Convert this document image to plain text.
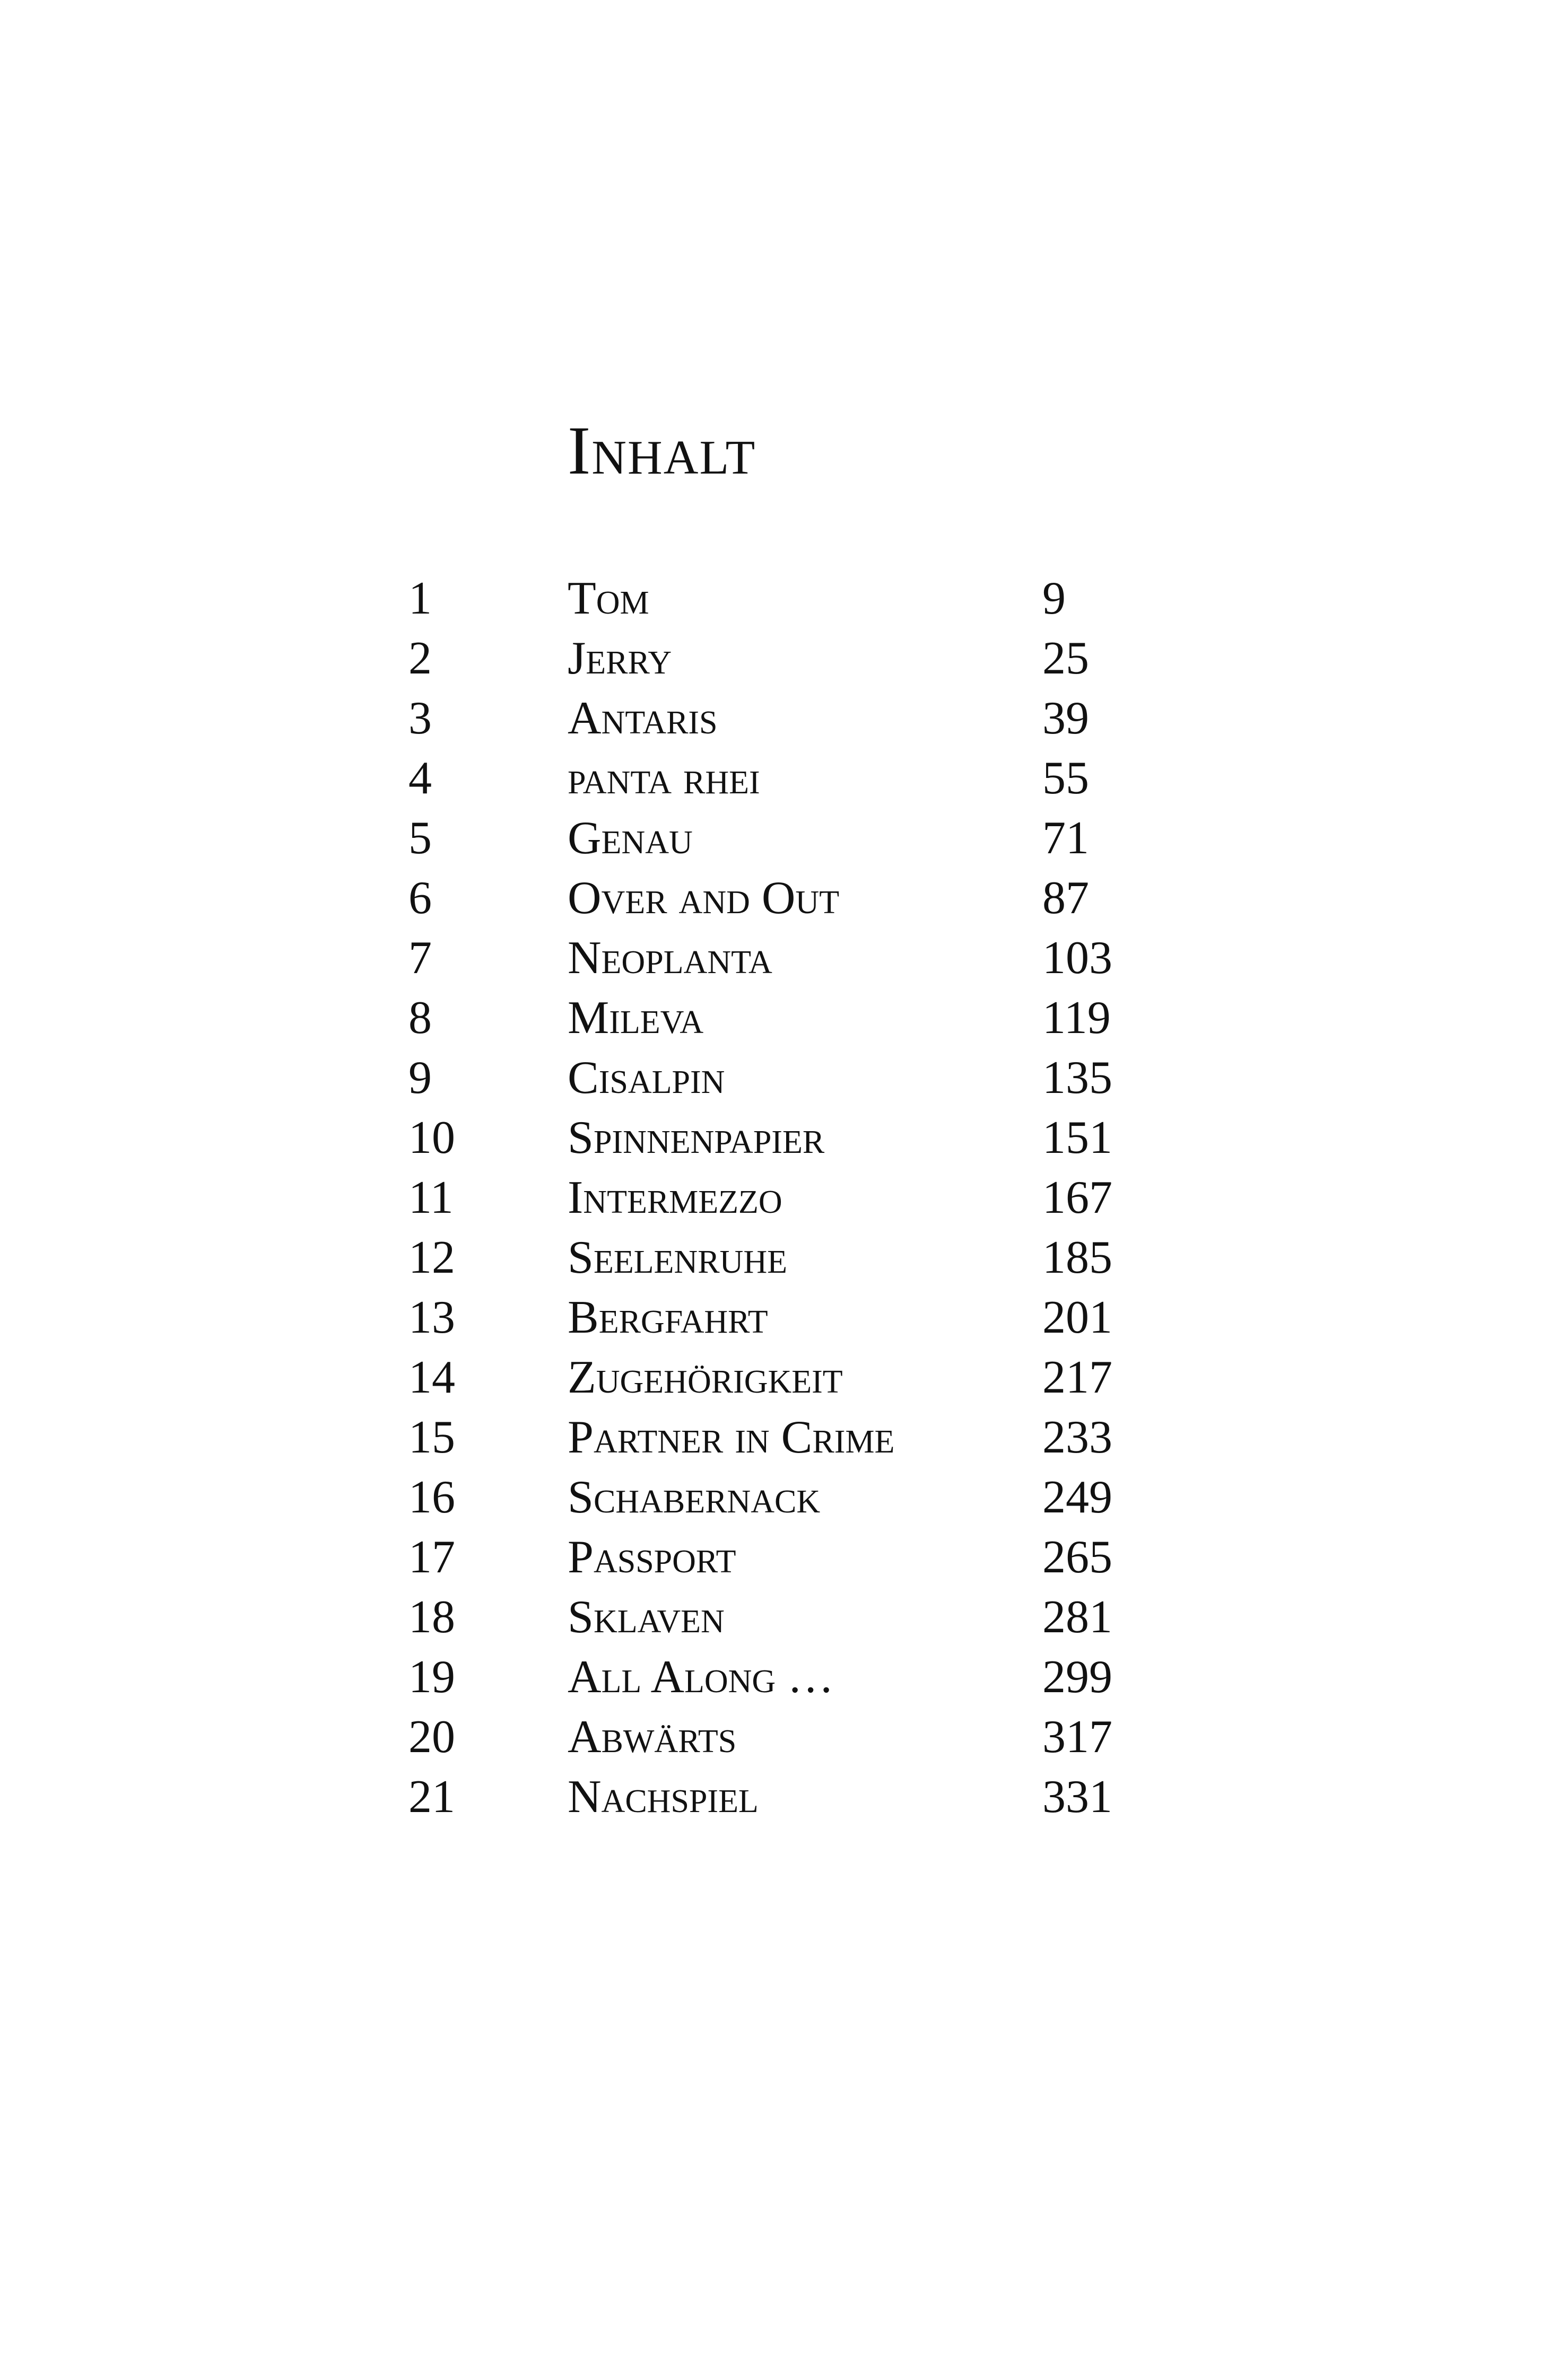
Inhalt
1	Tom	9
2	Jerry	25
3	Antaris	39
4	panta rhei	55
5	Genau	71
6	Over and Out	87
7	Neoplanta	103
8	Mileva	119
9	Cisalpin	135
10 Spinnenpapier	151
11 Intermezzo	167
12 Seelenruhe	185
13 Bergfahrt	201
14 Zugehörigkeit	217
15 Partner in Crime	233
16 Schabernack	249
17 Passport	265
18 Sklaven	281
19 All Along …	299
20 Abwärts	317
21 Nachspiel	331
